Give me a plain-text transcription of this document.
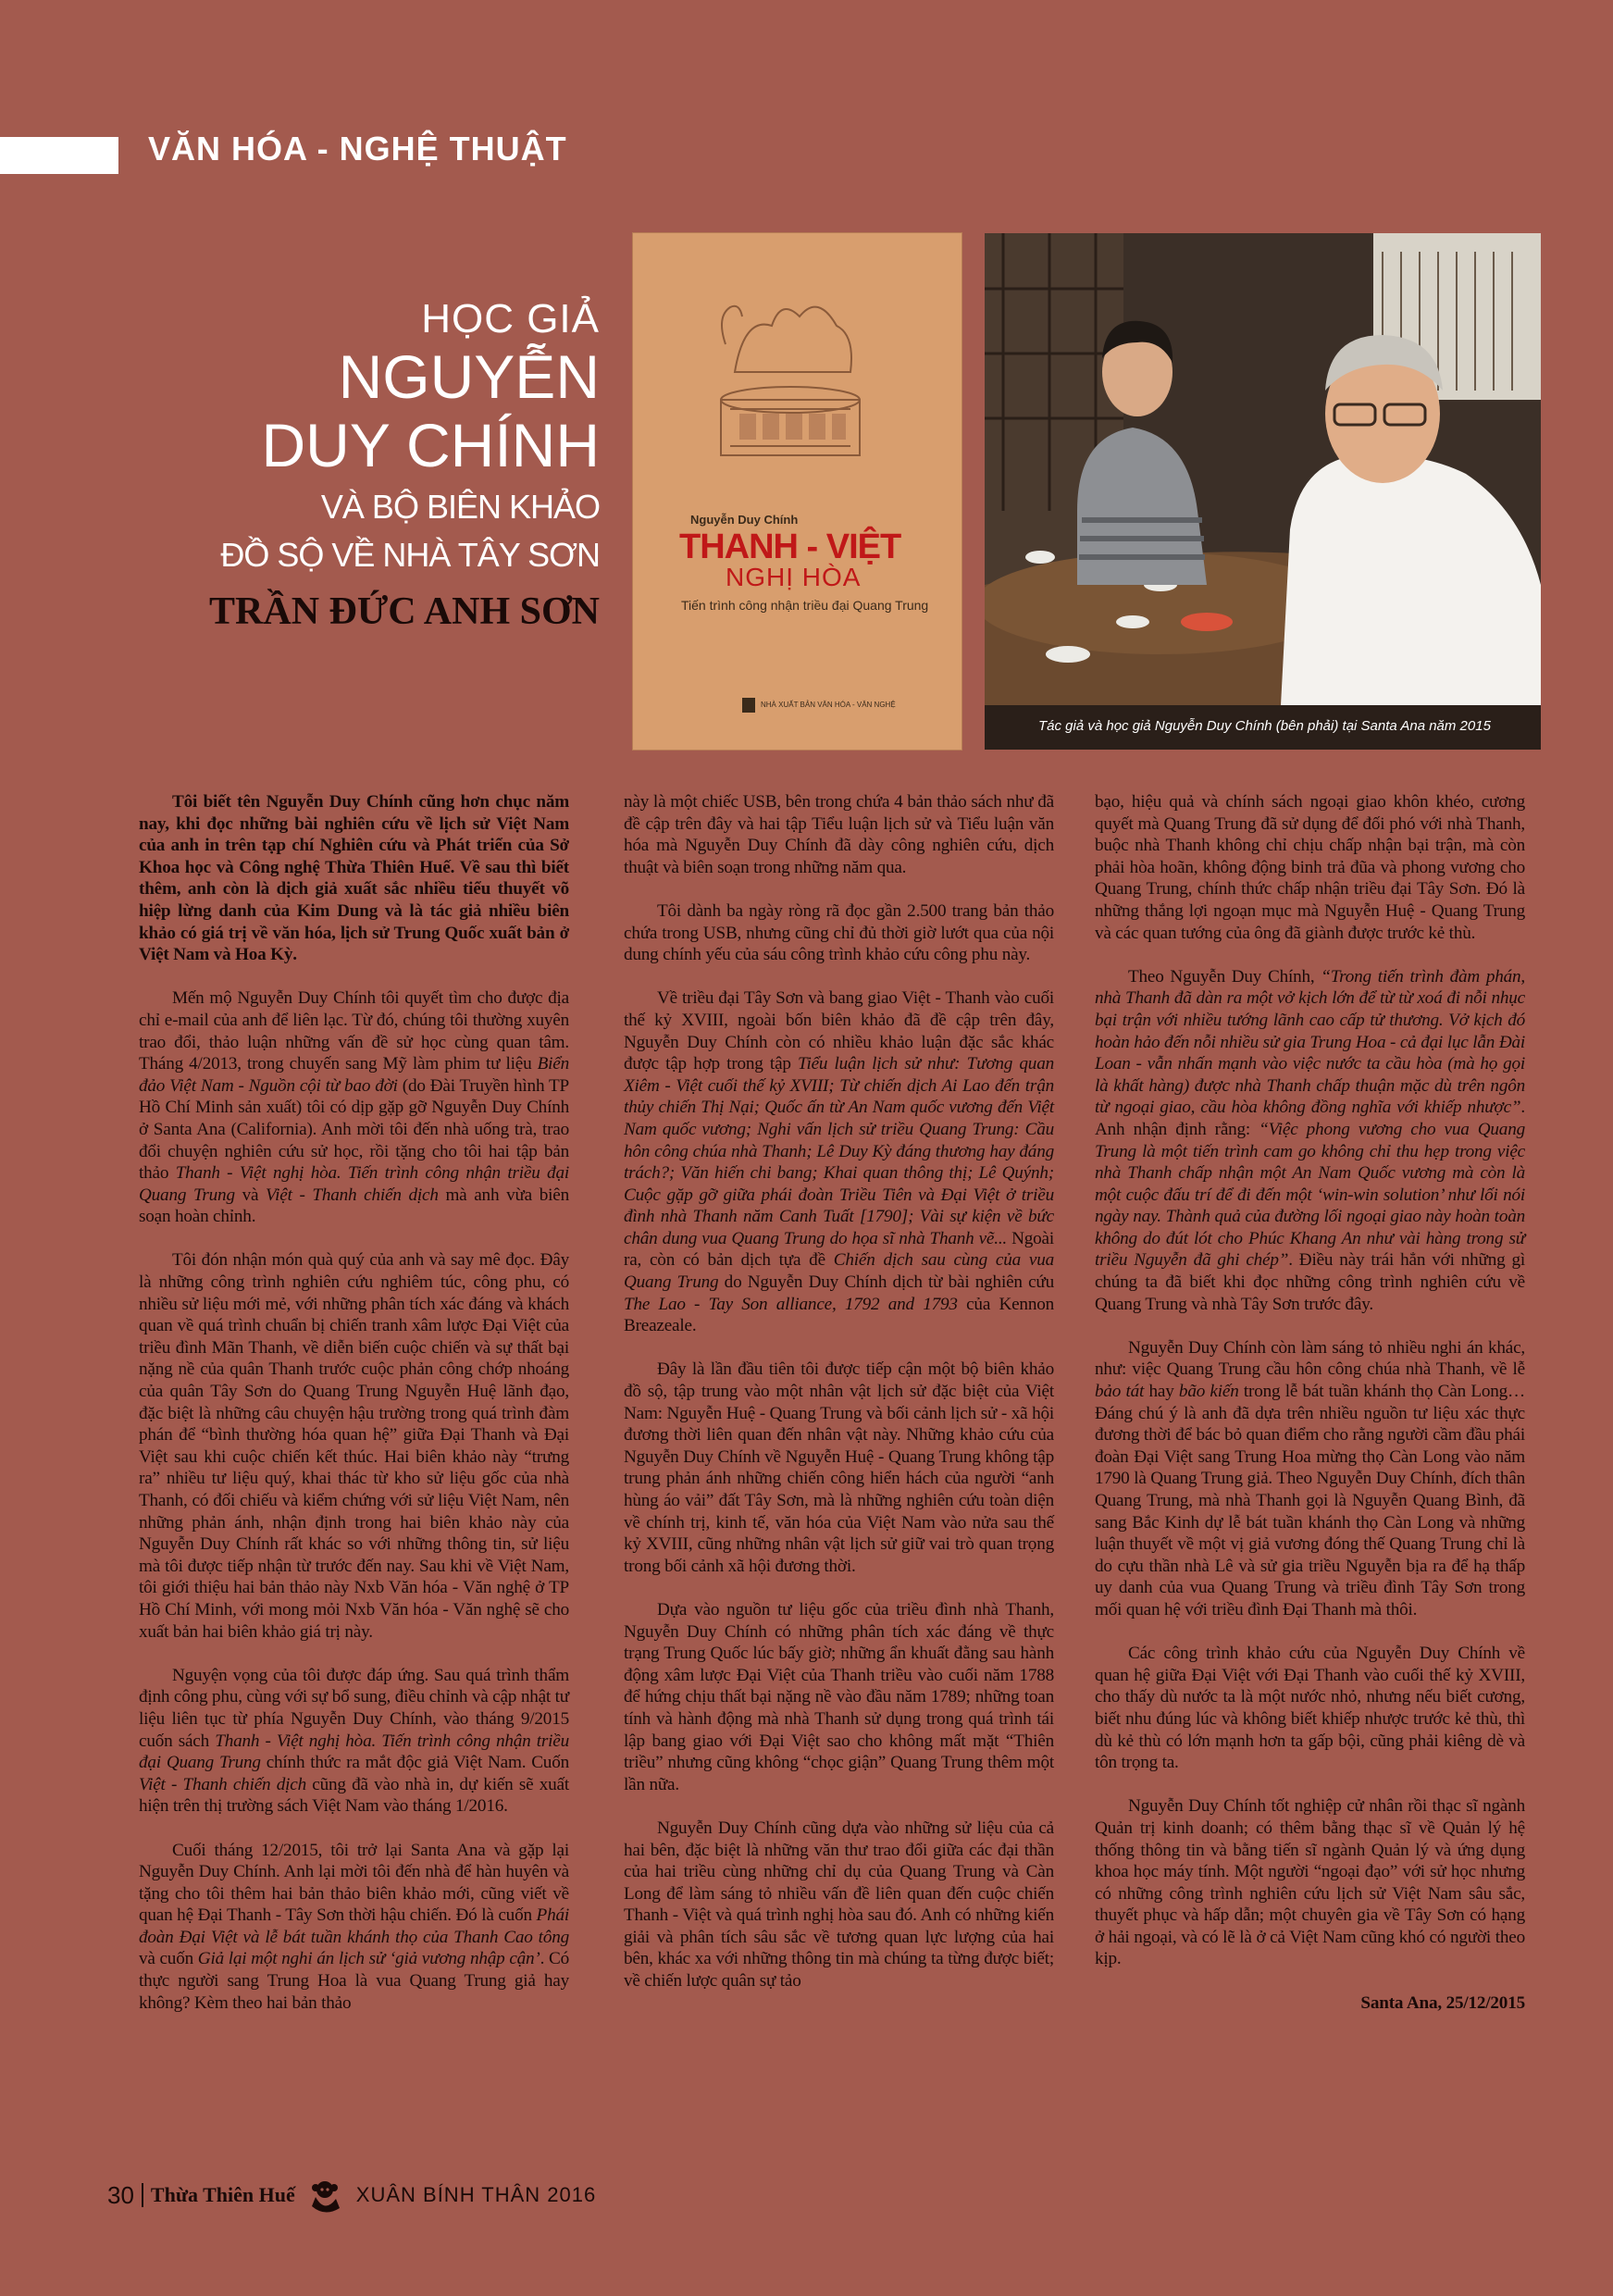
VĂN HÓA - NGHỆ THUẬT
HỌC GIẢ
NGUYỄN
DUY CHÍNH
VÀ BỘ BIÊN KHẢO
ĐỒ SỘ VỀ NHÀ TÂY SƠN
TRẦN ĐỨC ANH SƠN
Nguyễn Duy Chính
THANH - VIỆT
NGHỊ HÒA
Tiến trình công nhận triều đại Quang Trung
NHÀ XUẤT BẢN VĂN HÓA - VĂN NGHỆ
Tác giả và học giả Nguyễn Duy Chính (bên phải) tại Santa Ana năm 2015

Tôi biết tên Nguyễn Duy Chính cũng hơn chục năm nay, khi đọc những bài nghiên cứu về lịch sử Việt Nam của anh in trên tạp chí Nghiên cứu và Phát triển của Sở Khoa học và Công nghệ Thừa Thiên Huế. Về sau thì biết thêm, anh còn là dịch giả xuất sắc nhiều tiểu thuyết võ hiệp lừng danh của Kim Dung và là tác giả nhiều biên khảo có giá trị về văn hóa, lịch sử Trung Quốc xuất bản ở Việt Nam và Hoa Kỳ.

Mến mộ Nguyễn Duy Chính tôi quyết tìm cho được địa chỉ e-mail của anh để liên lạc. Từ đó, chúng tôi thường xuyên trao đổi, thảo luận những vấn đề sử học cùng quan tâm. Tháng 4/2013, trong chuyến sang Mỹ làm phim tư liệu Biển đảo Việt Nam - Nguồn cội từ bao đời (do Đài Truyền hình TP Hồ Chí Minh sản xuất) tôi có dịp gặp gỡ Nguyễn Duy Chính ở Santa Ana (California). Anh mời tôi đến nhà uống trà, trao đổi chuyện nghiên cứu sử học, rồi tặng cho tôi hai tập bản thảo Thanh - Việt nghị hòa. Tiến trình công nhận triều đại Quang Trung và Việt - Thanh chiến dịch mà anh vừa biên soạn hoàn chỉnh.

Tôi đón nhận món quà quý của anh và say mê đọc. Đây là những công trình nghiên cứu nghiêm túc, công phu, có nhiều sử liệu mới mẻ, với những phân tích xác đáng và khách quan về quá trình chuẩn bị chiến tranh xâm lược Đại Việt của triều đình Mãn Thanh, về diễn biến cuộc chiến và sự thất bại nặng nề của quân Thanh trước cuộc phản công chớp nhoáng của quân Tây Sơn do Quang Trung Nguyễn Huệ lãnh đạo, đặc biệt là những câu chuyện hậu trường trong quá trình đàm phán để “bình thường hóa quan hệ” giữa Đại Thanh và Đại Việt sau khi cuộc chiến kết thúc. Hai biên khảo này “trưng ra” nhiều tư liệu quý, khai thác từ kho sử liệu gốc của nhà Thanh, có đối chiếu và kiểm chứng với sử liệu Việt Nam, nên những phản ánh, nhận định trong hai biên khảo này của Nguyễn Duy Chính rất khác so với những thông tin, sử liệu mà tôi được tiếp nhận từ trước đến nay. Sau khi về Việt Nam, tôi giới thiệu hai bản thảo này Nxb Văn hóa - Văn nghệ ở TP Hồ Chí Minh, với mong mỏi Nxb Văn hóa - Văn nghệ sẽ cho xuất bản hai biên khảo giá trị này.

Nguyện vọng của tôi được đáp ứng. Sau quá trình thẩm định công phu, cùng với sự bổ sung, điều chỉnh và cập nhật tư liệu liên tục từ phía Nguyễn Duy Chính, vào tháng 9/2015 cuốn sách Thanh - Việt nghị hòa. Tiến trình công nhận triều đại Quang Trung chính thức ra mắt độc giả Việt Nam. Cuốn Việt - Thanh chiến dịch cũng đã vào nhà in, dự kiến sẽ xuất hiện trên thị trường sách Việt Nam vào tháng 1/2016.

Cuối tháng 12/2015, tôi trở lại Santa Ana và gặp lại Nguyễn Duy Chính. Anh lại mời tôi đến nhà để hàn huyên và tặng cho tôi thêm hai bản thảo biên khảo mới, cũng viết về quan hệ Đại Thanh - Tây Sơn thời hậu chiến. Đó là cuốn Phái đoàn Đại Việt và lễ bát tuần khánh thọ của Thanh Cao tông và cuốn Giả lại một nghi án lịch sử ‘giả vương nhập cận’. Có thực người sang Trung Hoa là vua Quang Trung giả hay không? Kèm theo hai bản thảo

này là một chiếc USB, bên trong chứa 4 bản thảo sách như đã đề cập trên đây và hai tập Tiểu luận lịch sử và Tiểu luận văn hóa mà Nguyễn Duy Chính đã dày công nghiên cứu, dịch thuật và biên soạn trong những năm qua.

Tôi dành ba ngày ròng rã đọc gần 2.500 trang bản thảo chứa trong USB, nhưng cũng chỉ đủ thời giờ lướt qua của nội dung chính yếu của sáu công trình khảo cứu công phu này.

Về triều đại Tây Sơn và bang giao Việt - Thanh vào cuối thế kỷ XVIII, ngoài bốn biên khảo đã đề cập trên đây, Nguyễn Duy Chính còn có nhiều khảo luận đặc sắc khác được tập hợp trong tập Tiểu luận lịch sử như: Tương quan Xiêm - Việt cuối thế kỷ XVIII; Từ chiến dịch Ai Lao đến trận thủy chiến Thị Nại; Quốc ấn từ An Nam quốc vương đến Việt Nam quốc vương; Nghi vấn lịch sử triều Quang Trung: Cầu hôn công chúa nhà Thanh; Lê Duy Kỳ đáng thương hay đáng trách?; Văn hiến chi bang; Khai quan thông thị; Lê Quýnh; Cuộc gặp gỡ giữa phái đoàn Triều Tiên và Đại Việt ở triều đình nhà Thanh năm Canh Tuất [1790]; Vài sự kiện về bức chân dung vua Quang Trung do họa sĩ nhà Thanh vẽ... Ngoài ra, còn có bản dịch tựa đề Chiến dịch sau cùng của vua Quang Trung do Nguyễn Duy Chính dịch từ bài nghiên cứu The Lao - Tay Son alliance, 1792 and 1793 của Kennon Breazeale.

Đây là lần đầu tiên tôi được tiếp cận một bộ biên khảo đồ sộ, tập trung vào một nhân vật lịch sử đặc biệt của Việt Nam: Nguyễn Huệ - Quang Trung và bối cảnh lịch sử - xã hội đương thời liên quan đến nhân vật này. Những khảo cứu của Nguyễn Duy Chính về Nguyễn Huệ - Quang Trung không tập trung phản ánh những chiến công hiển hách của người “anh hùng áo vải” đất Tây Sơn, mà là những nghiên cứu toàn diện về chính trị, kinh tế, văn hóa của Việt Nam vào nửa sau thế kỷ XVIII, cũng những nhân vật lịch sử giữ vai trò quan trọng trong bối cảnh xã hội đương thời.

Dựa vào nguồn tư liệu gốc của triều đình nhà Thanh, Nguyễn Duy Chính có những phân tích xác đáng về thực trạng Trung Quốc lúc bấy giờ; những ẩn khuất đằng sau hành động xâm lược Đại Việt của Thanh triều vào cuối năm 1788 để hứng chịu thất bại nặng nề vào đầu năm 1789; những toan tính và hành động mà nhà Thanh sử dụng trong quá trình tái lập bang giao với Đại Việt sao cho không mất mặt “Thiên triều” nhưng cũng không “chọc giận” Quang Trung thêm một lần nữa.

Nguyễn Duy Chính cũng dựa vào những sử liệu của cả hai bên, đặc biệt là những văn thư trao đổi giữa các đại thần của hai triều cùng những chỉ dụ của Quang Trung và Càn Long để làm sáng tỏ nhiều vấn đề liên quan đến cuộc chiến Thanh - Việt và quá trình nghị hòa sau đó. Anh có những kiến giải và phân tích sâu sắc về tương quan lực lượng của hai bên, khác xa với những thông tin mà chúng ta từng được biết; về chiến lược quân sự tảo

bạo, hiệu quả và chính sách ngoại giao khôn khéo, cương quyết mà Quang Trung đã sử dụng để đối phó với nhà Thanh, buộc nhà Thanh không chỉ chịu chấp nhận bại trận, mà còn phải hòa hoãn, không động binh trả đũa và phong vương cho Quang Trung, chính thức chấp nhận triều đại Tây Sơn. Đó là những thắng lợi ngoạn mục mà Nguyễn Huệ - Quang Trung và các quan tướng của ông đã giành được trước kẻ thù.

Theo Nguyễn Duy Chính, “Trong tiến trình đàm phán, nhà Thanh đã dàn ra một vở kịch lớn để từ từ xoá đi nỗi nhục bại trận với nhiều tướng lãnh cao cấp tử thương. Vở kịch đó hoàn hảo đến nỗi nhiều sử gia Trung Hoa - cả đại lục lẫn Đài Loan - vẫn nhấn mạnh vào việc nước ta cầu hòa (mà họ gọi là khất hàng) được nhà Thanh chấp thuận mặc dù trên ngôn từ ngoại giao, cầu hòa không đồng nghĩa với khiếp nhược”. Anh nhận định rằng: “Việc phong vương cho vua Quang Trung là một tiến trình cam go không chỉ thu hẹp trong việc nhà Thanh chấp nhận một An Nam Quốc vương mà còn là một cuộc đấu trí để đi đến một ‘win-win solution’ như lối nói ngày nay. Thành quả của đường lối ngoại giao này hoàn toàn không do đút lót cho Phúc Khang An như vài hàng trong sử triều Nguyễn đã ghi chép”. Điều này trái hẳn với những gì chúng ta đã biết khi đọc những công trình nghiên cứu về Quang Trung và nhà Tây Sơn trước đây.

Nguyễn Duy Chính còn làm sáng tỏ nhiều nghi án khác, như: việc Quang Trung cầu hôn công chúa nhà Thanh, về lễ bảo tát hay bão kiến trong lễ bát tuần khánh thọ Càn Long… Đáng chú ý là anh đã dựa trên nhiều nguồn tư liệu xác thực đương thời để bác bỏ quan điểm cho rằng người cầm đầu phái đoàn Đại Việt sang Trung Hoa mừng thọ Càn Long vào năm 1790 là Quang Trung giả. Theo Nguyễn Duy Chính, đích thân Quang Trung, mà nhà Thanh gọi là Nguyễn Quang Bình, đã sang Bắc Kinh dự lễ bát tuần khánh thọ Càn Long và những luận thuyết về một vị giả vương đóng thế Quang Trung chỉ là do cựu thần nhà Lê và sử gia triều Nguyễn bịa ra để hạ thấp uy danh của vua Quang Trung và triều đình Tây Sơn trong mối quan hệ với triều đình Đại Thanh mà thôi.

Các công trình khảo cứu của Nguyễn Duy Chính về quan hệ giữa Đại Việt với Đại Thanh vào cuối thế kỷ XVIII, cho thấy dù nước ta là một nước nhỏ, nhưng nếu biết cương, biết nhu đúng lúc và không biết khiếp nhược trước kẻ thù, thì dù kẻ thù có lớn mạnh hơn ta gấp bội, cũng phải kiêng dè và tôn trọng ta.

Nguyễn Duy Chính tốt nghiệp cử nhân rồi thạc sĩ ngành Quản trị kinh doanh; có thêm bằng thạc sĩ về Quản lý hệ thống thông tin và bằng tiến sĩ ngành Quản lý và ứng dụng khoa học máy tính. Một người “ngoại đạo” với sử học nhưng có những công trình nghiên cứu lịch sử Việt Nam sâu sắc, thuyết phục và hấp dẫn; một chuyên gia về Tây Sơn có hạng ở hải ngoại, và có lẽ là ở cả Việt Nam cũng khó có người theo kịp.

Santa Ana, 25/12/2015

30 Thừa Thiên Huế	XUÂN BÍNH THÂN 2016
